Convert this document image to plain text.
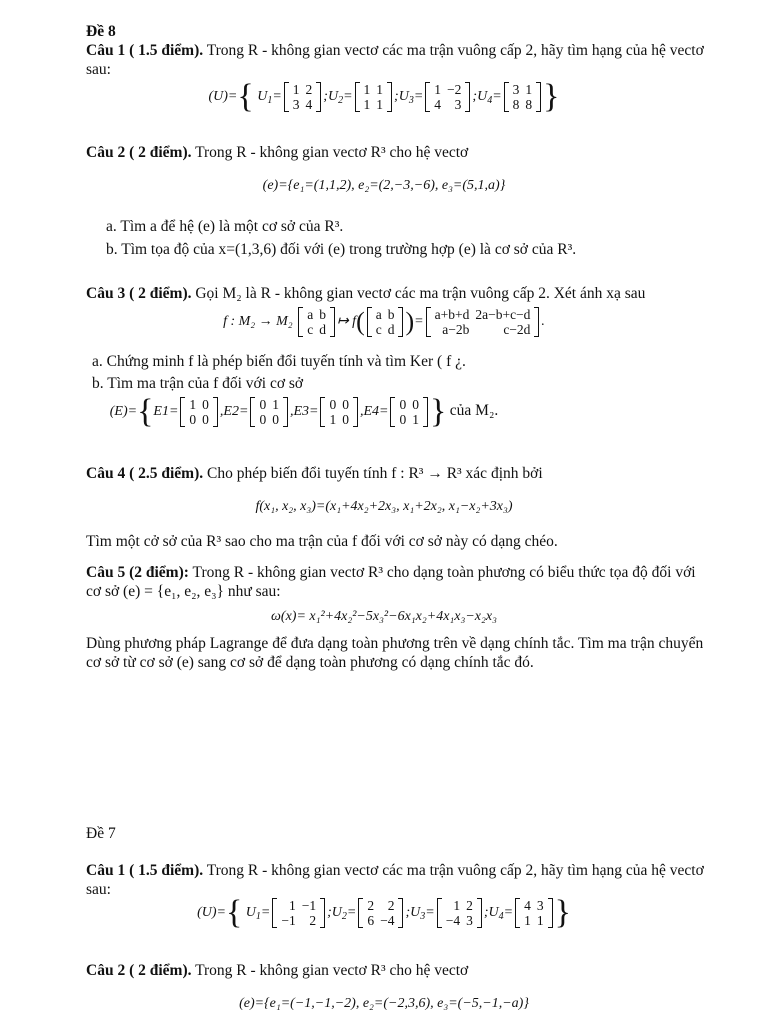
Đề 8
Câu 1 ( 1.5 điểm). Trong R - không gian vectơ các ma trận vuông cấp 2, hãy tìm hạng của hệ vectơ sau:
(U)={ $U_1= 1$	2
3	4
$;U_2= 1$	1
1	1
$;U_3= 1$	−2
4	3
$;U_4= 3$	1
8	8 }
Câu 2 ( 2 điểm). Trong R - không gian vectơ R³ cho hệ vectơ
(e)={e₁=(1,1,2), e₂=(2,−3,−6), e₃=(5,1,a)}
a. Tìm a để hệ (e) là một cơ sở của R³.
b. Tìm tọa độ của x=(1,3,6) đối với (e) trong trường hợp (e) là cơ sở của R³.
Câu 3 ( 2 điểm). Gọi M₂ là R - không gian vectơ các ma trận vuông cấp 2. Xét ánh xạ sau
f : M₂ → M₂ a	b
c	d
↦ f( a	b
c	d )= a+b+d	2a−b+c−d
a−2b	c−2d
.
a. Chứng minh f là phép biến đổi tuyến tính và tìm Ker ( f ¿.
b. Tìm ma trận của f đối với cơ sở
(E)={E1= 1	0
0	0
,E2= 0	1
0	0
,E3= 0	0
1	0
,E4= 0	0
0	1 } của M₂.
Câu 4 ( 2.5 điểm). Cho phép biến đổi tuyến tính f : R³ → R³ xác định bởi
f(x₁, x₂, x₃)=(x₁+4x₂+2x₃, x₁+2x₂, x₁−x₂+3x₃)
Tìm một cở sở của R³ sao cho ma trận của f đối với cơ sở này có dạng chéo.
Câu 5 (2 điểm): Trong R - không gian vectơ R³ cho dạng toàn phương có biểu thức tọa độ đối với cơ sở (e) = {e₁, e₂, e₃} như sau:
ω(x)= x₁²+4x₂²−5x₃²−6x₁x₂+4x₁x₃−x₂x₃
Dùng phương pháp Lagrange để đưa dạng toàn phương trên về dạng chính tắc. Tìm ma trận chuyển cơ sở từ cơ sở (e) sang cơ sở để dạng toàn phương có dạng chính tắc đó.
Đề 7
Câu 1 ( 1.5 điểm). Trong R - không gian vectơ các ma trận vuông cấp 2, hãy tìm hạng của hệ vectơ sau:
(U)={ $U_1= 1$	−1
−1	2
$;U_2= 2$	2
6	−4
$;U_3= 1$	2
−4	3
$;U_4= 4$	3
1	1 }
Câu 2 ( 2 điểm). Trong R - không gian vectơ R³ cho hệ vectơ
(e)={e₁=(−1,−1,−2), e₂=(−2,3,6), e₃=(−5,−1,−a)}
